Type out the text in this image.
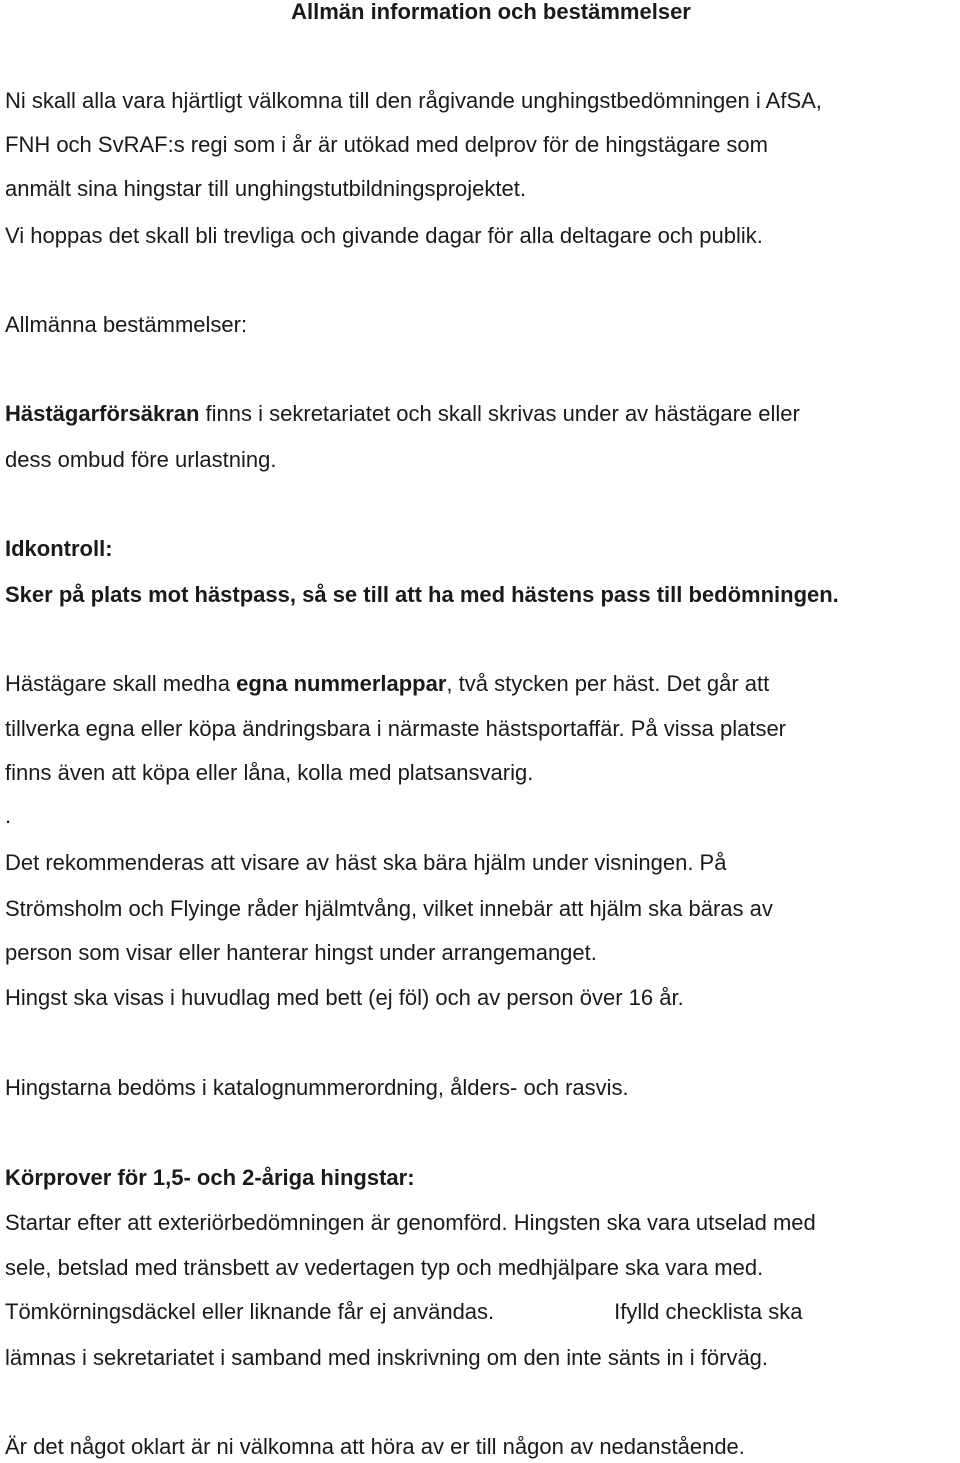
Allmän information och bestämmelser
Ni skall alla vara hjärtligt välkomna till den rågivande unghingstbedömningen i AfSA,
FNH och SvRAF:s regi som i år är utökad med delprov för de hingstägare som
anmält sina hingstar till unghingstutbildningsprojektet.
Vi hoppas det skall bli trevliga och givande dagar för alla deltagare och publik.
Allmänna bestämmelser:
Hästägarförsäkran finns i sekretariatet och skall skrivas under av hästägare eller
dess ombud före urlastning.
Idkontroll:
Sker på plats mot hästpass, så se till att ha med hästens pass till bedömningen.
Hästägare skall medha egna nummerlappar, två stycken per häst. Det går att
tillverka egna eller köpa ändringsbara i närmaste hästsportaffär. På vissa platser
finns även att köpa eller låna, kolla med platsansvarig.
.
Det rekommenderas att visare av häst ska bära hjälm under visningen. På
Strömsholm och Flyinge råder hjälmtvång, vilket innebär att hjälm ska bäras av
person som visar eller hanterar hingst under arrangemanget.
Hingst ska visas i huvudlag med bett (ej föl) och av person över 16 år.
Hingstarna bedöms i katalognummerordning, ålders- och rasvis.
Körprover för 1,5- och 2-åriga hingstar:
Startar efter att exteriörbedömningen är genomförd. Hingsten ska vara utselad med
sele, betslad med tränsbett av vedertagen typ och medhjälpare ska vara med.
Tömkörningsdäckel eller liknande får ej användas.	Ifylld checklista ska
lämnas i sekretariatet i samband med inskrivning om den inte sänts in i förväg.
Är det något oklart är ni välkomna att höra av er till någon av nedanstående.
